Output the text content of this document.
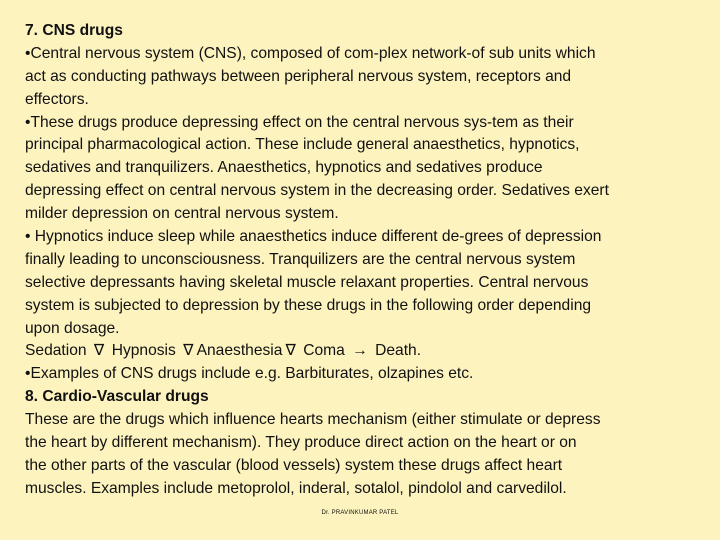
7. CNS drugs
•Central nervous system (CNS), composed of com-plex network-of sub units which
act as conducting pathways between peripheral nervous system, receptors and
effectors.
•These drugs produce depressing effect on the central nervous sys-tem as their
principal pharmacological action. These include general anaesthetics, hypnotics,
sedatives and tranquilizers. Anaesthetics, hypnotics and sedatives produce
depressing effect on central nervous system in the decreasing order. Sedatives exert
milder depression on central nervous system.
• Hypnotics induce sleep while anaesthetics induce different de-grees of depression
finally leading to unconsciousness. Tranquilizers are the central nervous system
selective depressants having skeletal muscle relaxant properties. Central nervous
system is subjected to depression by these drugs in the following order depending
upon dosage.
Sedation ∇ Hypnosis ∇ Anaesthesia ∇ Coma → Death.
•Examples of CNS drugs include e.g. Barbiturates, olzapines etc.
8. Cardio-Vascular drugs
These are the drugs which influence hearts mechanism (either stimulate or depress
the heart by different mechanism). They produce direct action on the heart or on
the other parts of the vascular (blood vessels) system these drugs affect heart
muscles. Examples include metoprolol, inderal, sotalol, pindolol and carvedilol.
Dr. PRAVINKUMAR PATEL
